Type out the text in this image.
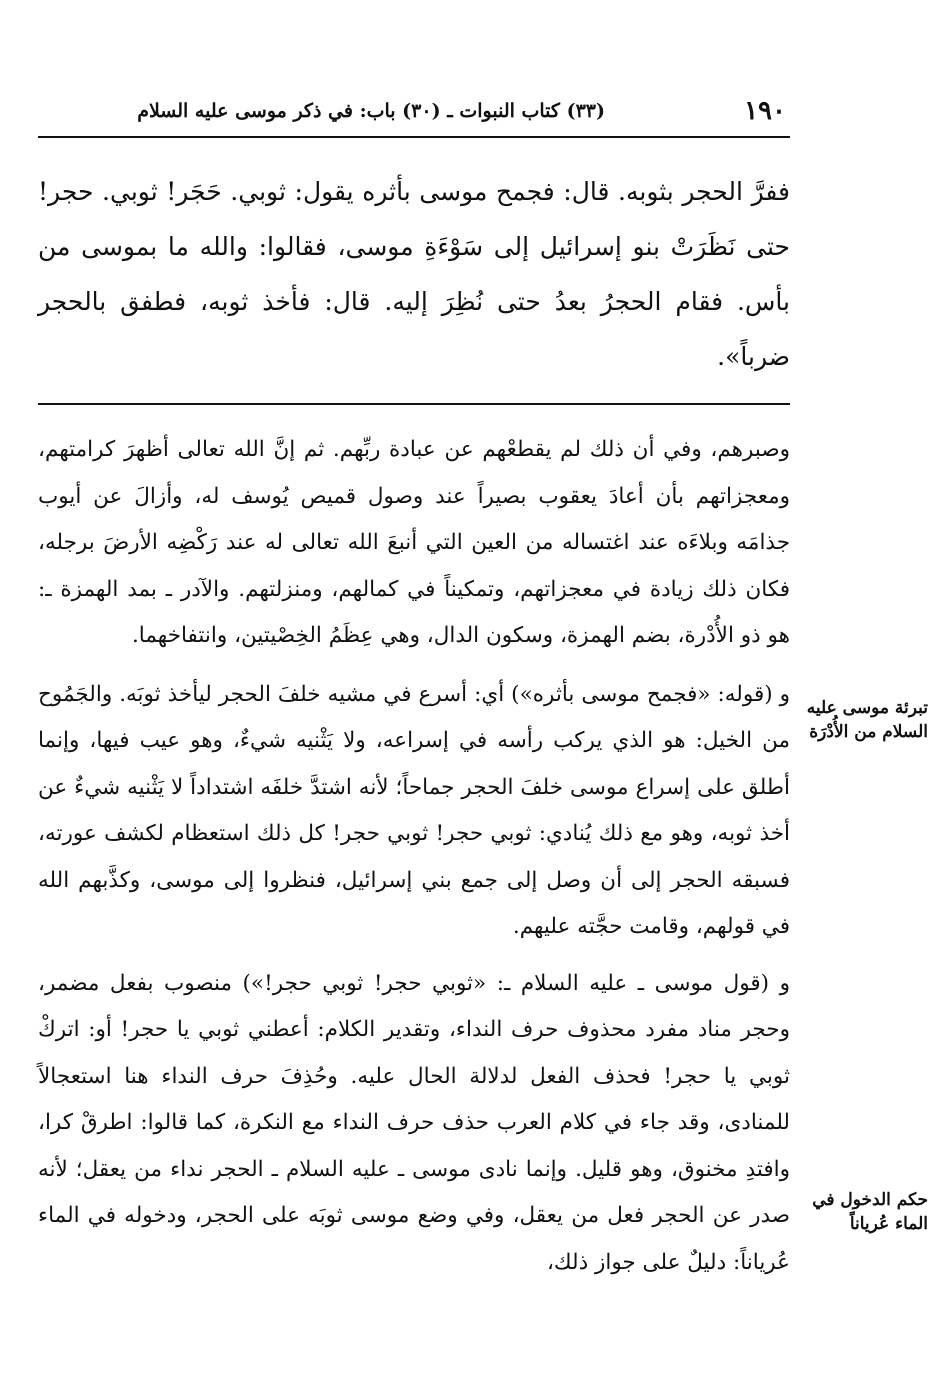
١٩٠
(٣٣) كتاب النبوات ـ (٣٠) باب: في ذكر موسى عليه السلام
ففرَّ الحجر بثوبه. قال: فجمح موسى بأثره يقول: ثوبي. حَجَر! ثوبي. حجر! حتى نَظَرَتْ بنو إسرائيل إلى سَوْءَةِ موسى، فقالوا: والله ما بموسى من بأس. فقام الحجرُ بعدُ حتى نُظِرَ إليه. قال: فأخذ ثوبه، فطفق بالحجر ضرباً».

وصبرهم، وفي أن ذلك لم يقطعْهم عن عبادة ربِّهم. ثم إنَّ الله تعالى أظهرَ كرامتهم، ومعجزاتهم بأن أعادَ يعقوب بصيراً عند وصول قميص يُوسف له، وأزالَ عن أيوب جذامَه وبلاءَه عند اغتساله من العين التي أنبعَ الله تعالى له عند رَكْضِه الأرضَ برجله، فكان ذلك زيادة في معجزاتهم، وتمكيناً في كمالهم، ومنزلتهم. والآدر ـ بمد الهمزة ـ: هو ذو الأُدْرة، بضم الهمزة، وسكون الدال، وهي عِظَمُ الخِصْيتين، وانتفاخهما.

و (قوله: «فجمح موسى بأثره») أي: أسرع في مشيه خلفَ الحجر ليأخذ ثوبَه. والجَمُوح من الخيل: هو الذي يركب رأسه في إسراعه، ولا يَثْنيه شيءٌ، وهو عيب فيها، وإنما أطلق على إسراع موسى خلفَ الحجر جماحاً؛ لأنه اشتدَّ خلفَه اشتداداً لا يَثْنيه شيءٌ عن أخذ ثوبه، وهو مع ذلك يُنادي: ثوبي حجر! ثوبي حجر! كل ذلك استعظام لكشف عورته، فسبقه الحجر إلى أن وصل إلى جمع بني إسرائيل، فنظروا إلى موسى، وكذَّبهم الله في قولهم، وقامت حجَّته عليهم.

و (قول موسى ـ عليه السلام ـ: «ثوبي حجر! ثوبي حجر!») منصوب بفعل مضمر، وحجر مناد مفرد محذوف حرف النداء، وتقدير الكلام: أعطني ثوبي يا حجر! أو: اتركْ ثوبي يا حجر! فحذف الفعل لدلالة الحال عليه. وحُذِفَ حرف النداء هنا استعجالاً للمنادى، وقد جاء في كلام العرب حذف حرف النداء مع النكرة، كما قالوا: اطرقْ كرا، وافتدِ مخنوق، وهو قليل. وإنما نادى موسى ـ عليه السلام ـ الحجر نداء من يعقل؛ لأنه صدر عن الحجر فعل من يعقل، وفي وضع موسى ثوبَه على الحجر، ودخوله في الماء عُرياناً: دليلٌ على جواز ذلك،

تبرئة موسى عليه السلام من الأُدْرَة
حكم الدخول في الماء عُرياناً
